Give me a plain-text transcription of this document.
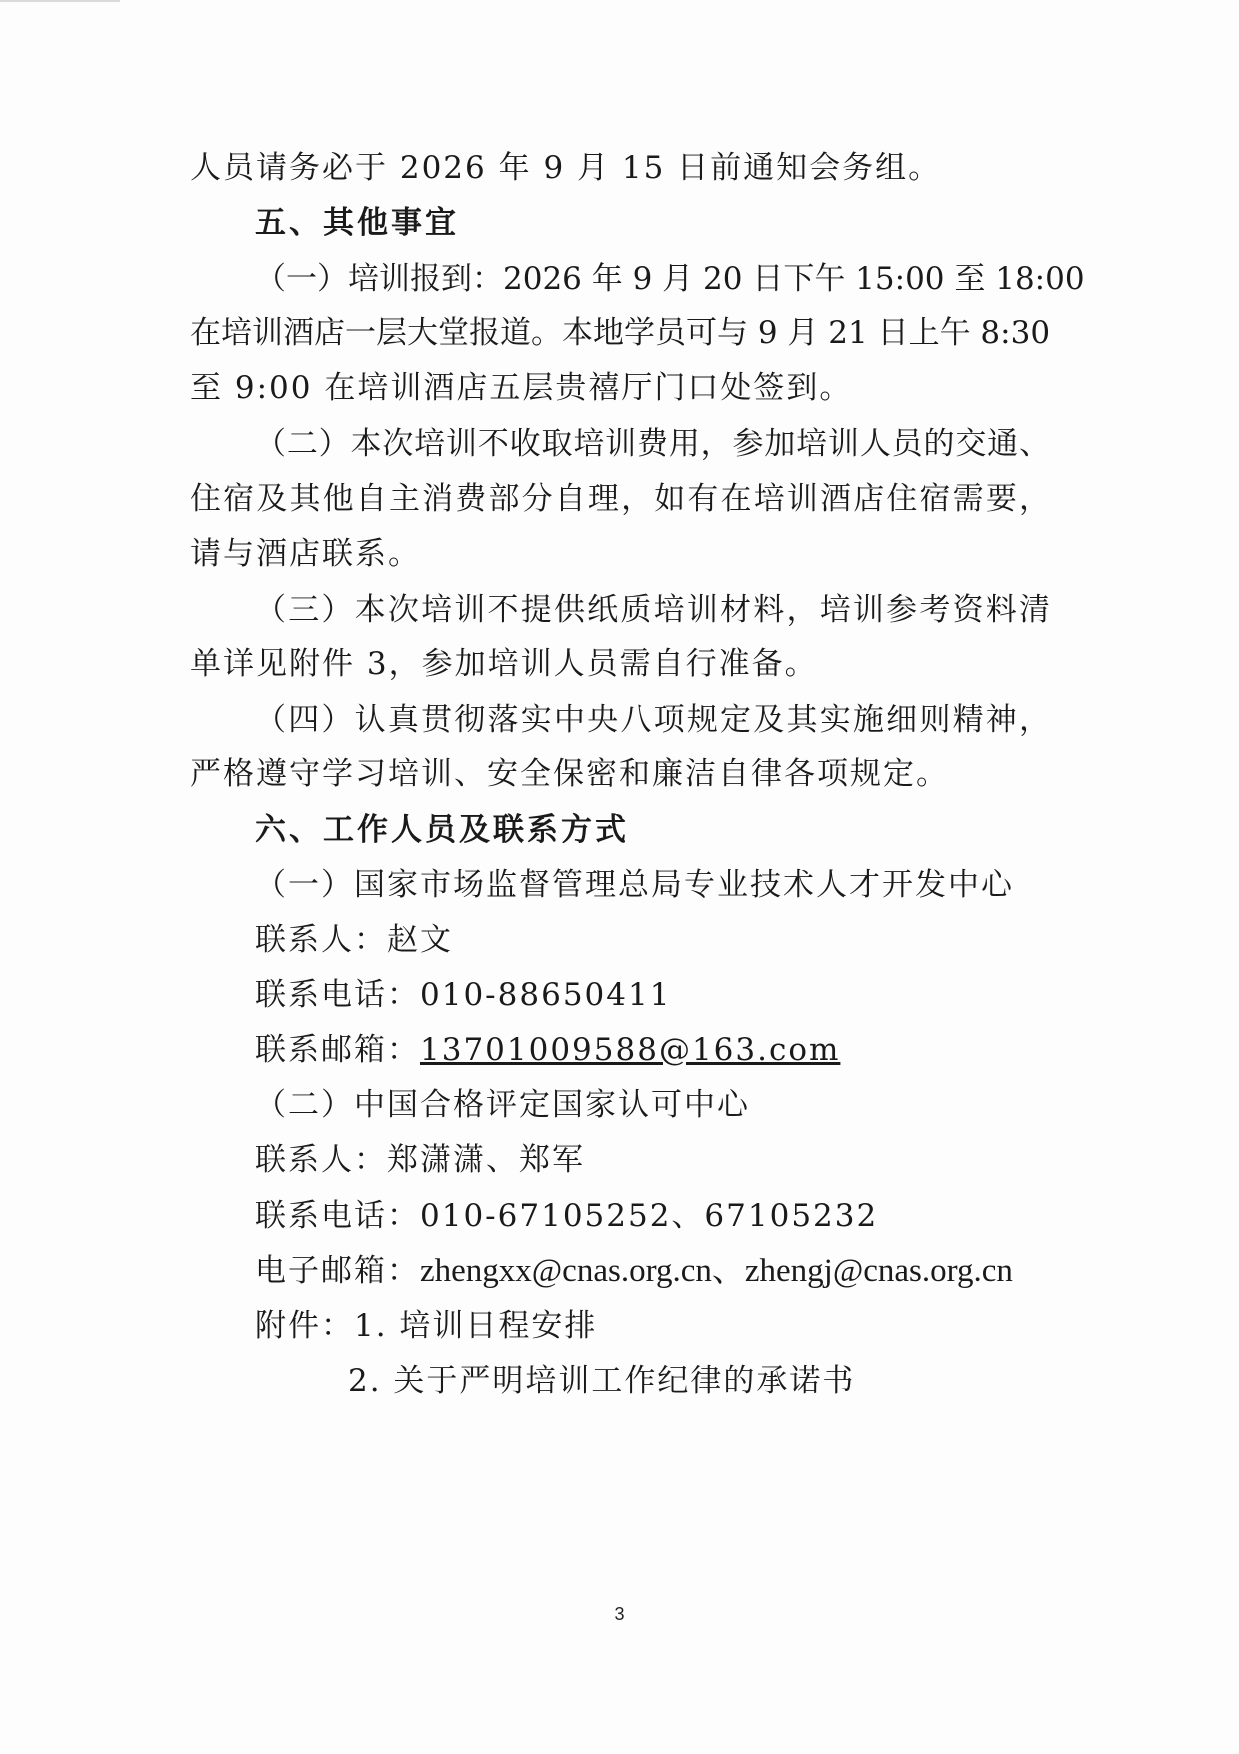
人员请务必于 2026 年 9 月 15 日前通知会务组。
五、其他事宜
（一）培训报到：2026 年 9 月 20 日下午 15:00 至 18:00
在培训酒店一层大堂报道。本地学员可与 9 月 21 日上午 8:30
至 9:00 在培训酒店五层贵禧厅门口处签到。
（二）本次培训不收取培训费用，参加培训人员的交通、
住宿及其他自主消费部分自理，如有在培训酒店住宿需要，
请与酒店联系。
（三）本次培训不提供纸质培训材料，培训参考资料清
单详见附件 3，参加培训人员需自行准备。
（四）认真贯彻落实中央八项规定及其实施细则精神，
严格遵守学习培训、安全保密和廉洁自律各项规定。
六、工作人员及联系方式
（一）国家市场监督管理总局专业技术人才开发中心
联系人：赵文
联系电话：010-88650411
联系邮箱：13701009588@163.com
（二）中国合格评定国家认可中心
联系人：郑潇潇、郑军
联系电话：010-67105252、67105232
电子邮箱：zhengxx@cnas.org.cn、zhengj@cnas.org.cn
附件：1. 培训日程安排
2. 关于严明培训工作纪律的承诺书
3
